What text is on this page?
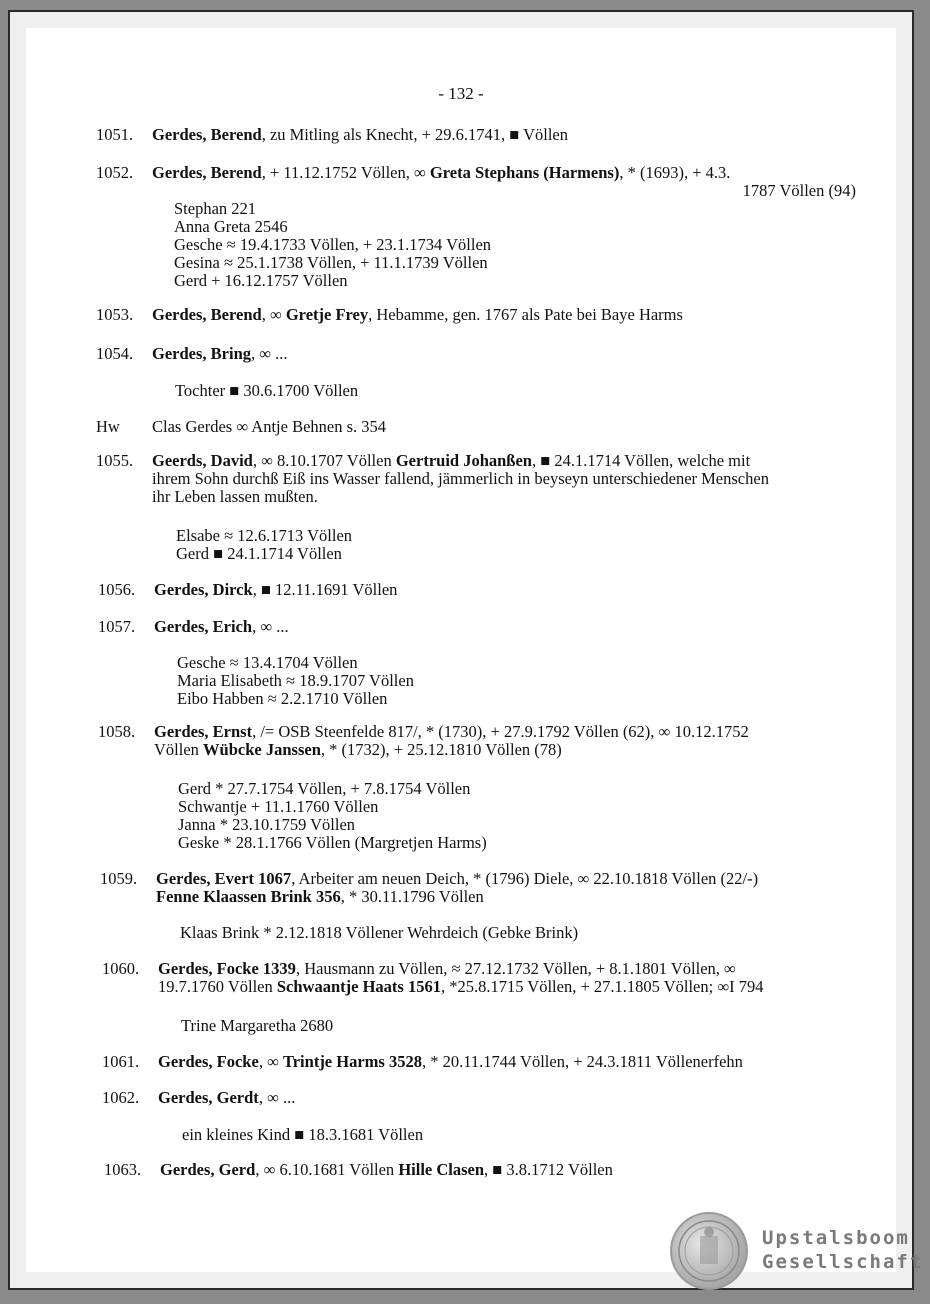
- 132 -
1051.	Gerdes, Berend, zu Mitling als Knecht, + 29.6.1741, ■ Völlen
1052.	Gerdes, Berend, + 11.12.1752 Völlen, ∞ Greta Stephans (Harmens), * (1693), + 4.3.
1787 Völlen (94)
Stephan 221
Anna Greta 2546
Gesche ≈ 19.4.1733 Völlen, + 23.1.1734 Völlen
Gesina ≈ 25.1.1738 Völlen, + 11.1.1739 Völlen
Gerd + 16.12.1757 Völlen
1053.	Gerdes, Berend, ∞ Gretje Frey, Hebamme, gen. 1767 als Pate bei Baye Harms
1054.	Gerdes, Bring, ∞ ...
Tochter ■ 30.6.1700 Völlen
Hw	Clas Gerdes ∞ Antje Behnen s. 354
1055.	Geerds, David, ∞ 8.10.1707 Völlen Gertruid Johanßen, ■ 24.1.1714 Völlen, welche mit
ihrem Sohn durchß Eiß ins Wasser fallend, jämmerlich in beyseyn unterschiedener Menschen
ihr Leben lassen mußten.
Elsabe ≈ 12.6.1713 Völlen
Gerd ■ 24.1.1714 Völlen
1056.	Gerdes, Dirck, ■ 12.11.1691 Völlen
1057.	Gerdes, Erich, ∞ ...
Gesche ≈ 13.4.1704 Völlen
Maria Elisabeth ≈ 18.9.1707 Völlen
Eibo Habben ≈ 2.2.1710 Völlen
1058.	Gerdes, Ernst, /= OSB Steenfelde 817/, * (1730), + 27.9.1792 Völlen (62), ∞ 10.12.1752
Völlen Wübcke Janssen, * (1732), + 25.12.1810 Völlen (78)
Gerd * 27.7.1754 Völlen, + 7.8.1754 Völlen
Schwantje + 11.1.1760 Völlen
Janna * 23.10.1759 Völlen
Geske * 28.1.1766 Völlen (Margretjen Harms)
1059.	Gerdes, Evert 1067, Arbeiter am neuen Deich, * (1796) Diele, ∞ 22.10.1818 Völlen (22/-)
Fenne Klaassen Brink 356, * 30.11.1796 Völlen
Klaas Brink * 2.12.1818 Völlener Wehrdeich (Gebke Brink)
1060.	Gerdes, Focke 1339, Hausmann zu Völlen, ≈ 27.12.1732 Völlen, + 8.1.1801 Völlen, ∞
19.7.1760 Völlen Schwaantje Haats 1561, *25.8.1715 Völlen, + 27.1.1805 Völlen; ∞I 794
Trine Margaretha 2680
1061.	Gerdes, Focke, ∞ Trintje Harms 3528, * 20.11.1744 Völlen, + 24.3.1811 Völlenerfehn
1062.	Gerdes, Gerdt, ∞ ...
ein kleines Kind ■ 18.3.1681 Völlen
1063.	Gerdes, Gerd, ∞ 6.10.1681 Völlen Hille Clasen, ■ 3.8.1712 Völlen
Upstalsboom
Gesellschaft
